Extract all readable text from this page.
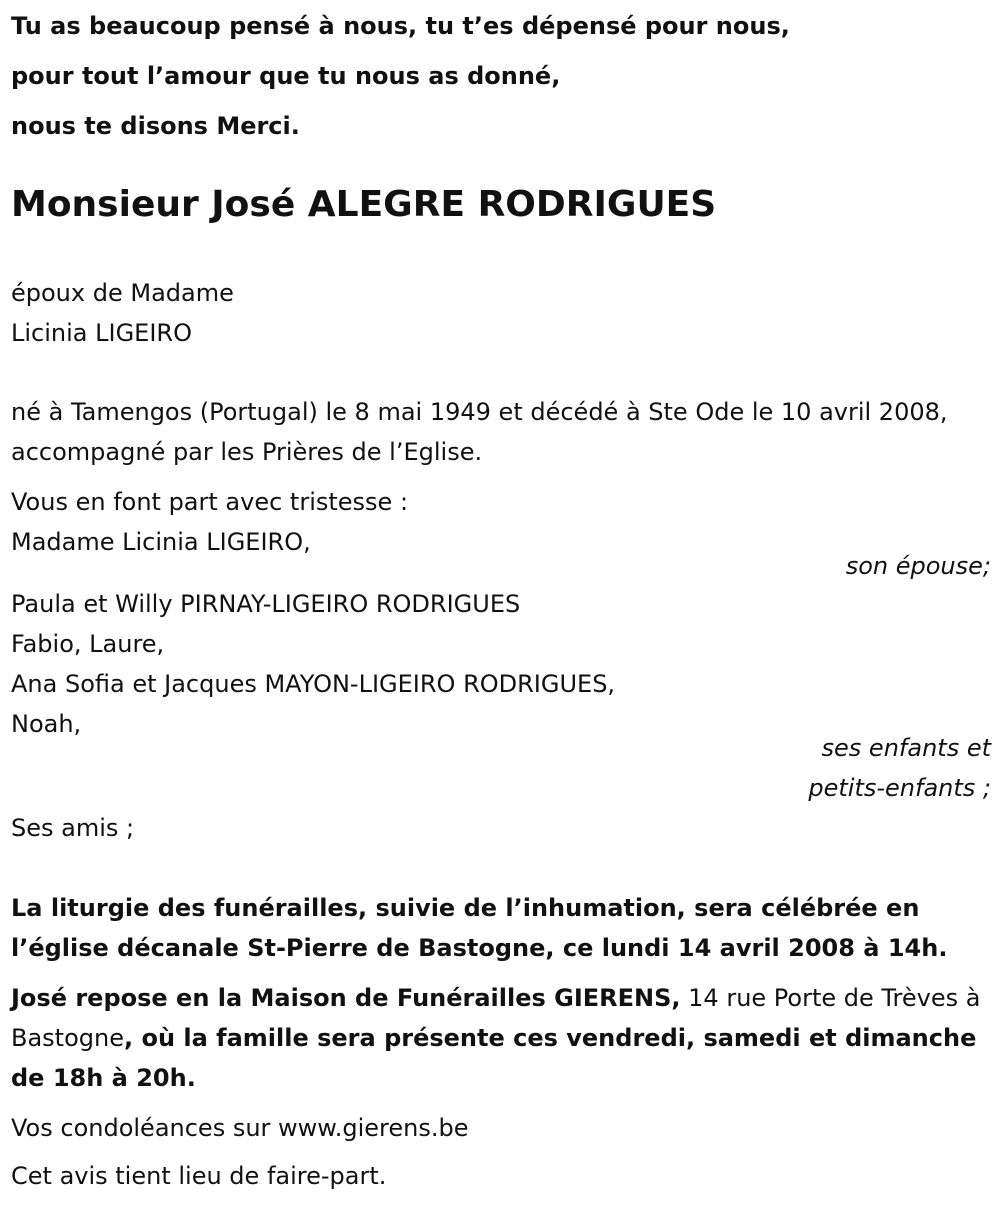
Tu as beaucoup pensé à nous, tu t’es dépensé pour nous,
pour tout l’amour que tu nous as donné,
nous te disons Merci.
Monsieur José ALEGRE RODRIGUES
époux de Madame
Licinia LIGEIRO
né à Tamengos (Portugal) le 8 mai 1949 et décédé à Ste Ode le 10 avril 2008, accompagné par les Prières de l’Eglise.
Vous en font part avec tristesse :
Madame Licinia LIGEIRO,
son épouse;
Paula et Willy PIRNAY-LIGEIRO RODRIGUES
Fabio, Laure,
Ana Sofia et Jacques MAYON-LIGEIRO RODRIGUES,
Noah,
ses enfants et
petits-enfants ;
Ses amis ;
La liturgie des funérailles, suivie de l’inhumation, sera célébrée en l’église décanale St-Pierre de Bastogne, ce lundi 14 avril 2008 à 14h.
José repose en la Maison de Funérailles GIERENS, 14 rue Porte de Trèves à Bastogne, où la famille sera présente ces vendredi, samedi et dimanche de 18h à 20h.
Vos condoléances sur www.gierens.be
Cet avis tient lieu de faire-part.
